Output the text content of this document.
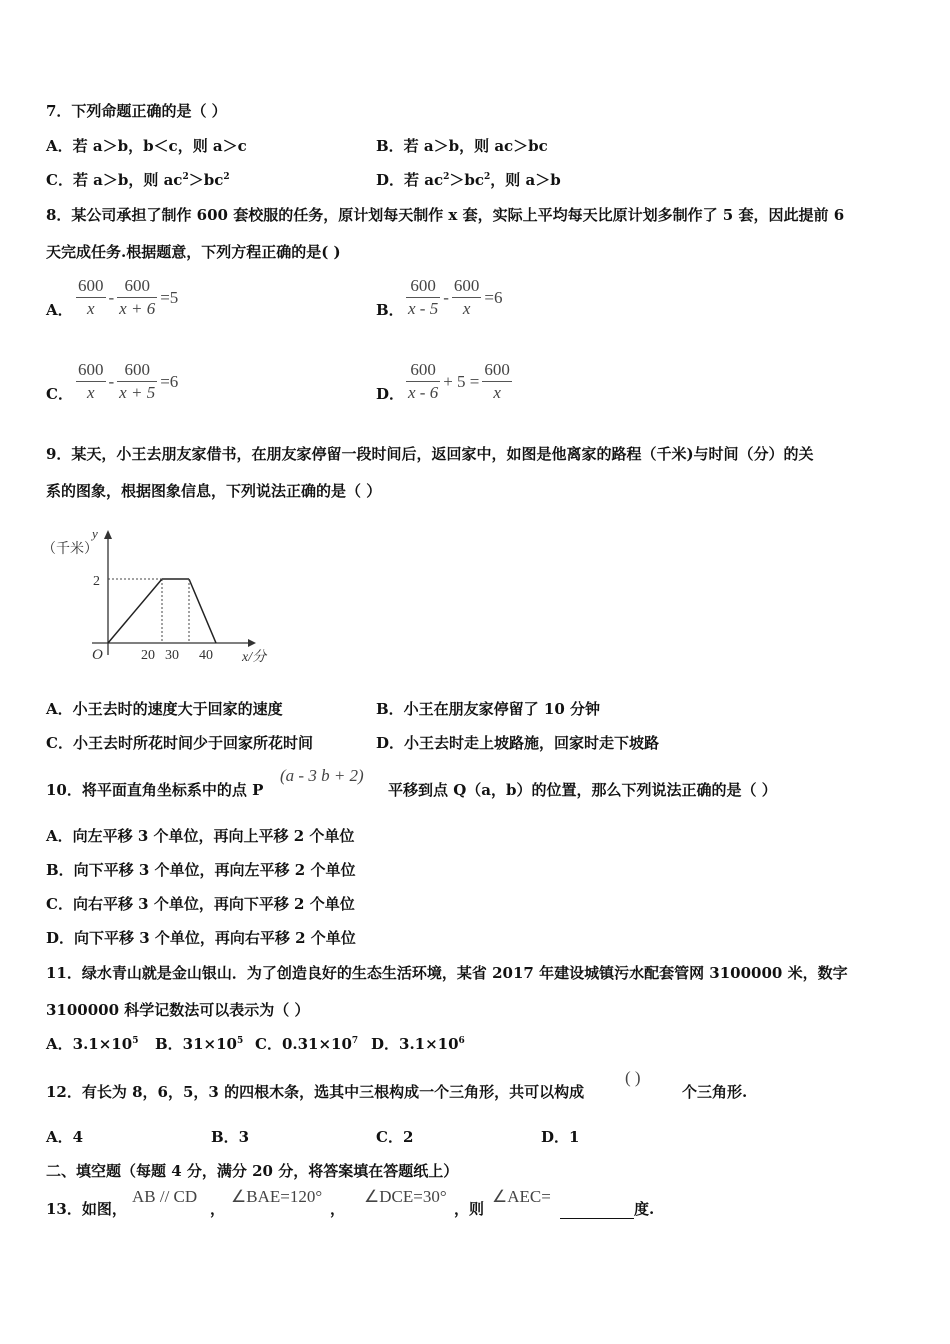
7．下列命题正确的是（ ）
A．若 a＞b，b＜c，则 a＞c	B．若 a＞b，则 ac＞bc
C．若 a＞b，则 $ac^2>bc^2$	D．若 $ac^2>bc^2$，则 a＞b
8．某公司承担了制作 600 套校服的任务，原计划每天制作 x 套，实际上平均每天比原计划多制作了 5 套，因此提前 6
天完成任务.根据题意，下列方程正确的是( )
A． $\frac{600}{x} - \frac{600}{x + 6} =5$
B． $\frac{600}{x - 5} - \frac{600}{x} =6$
C． $\frac{600}{x} - \frac{600}{x + 5} =6$
D． $\frac{600}{x - 6} + 5 = \frac{600}{x}$
9．某天，小王去朋友家借书，在朋友家停留一段时间后，返回家中，如图是他离家的路程（千米)与时间（分）的关
系的图象，根据图象信息，下列说法正确的是（ ）
y
（千米）
2
O	20 30 40 x/分
A．小王去时的速度大于回家的速度	B．小王在朋友家停留了 10 分钟
C．小王去时所花时间少于回家所花时间	D．小王去时走上坡路施，回家时走下坡路
10．将平面直角坐标系中的点 P
(a - 3 b + 2)
平移到点 Q（a，b）的位置，那么下列说法正确的是（ ）
A．向左平移 3 个单位，再向上平移 2 个单位
B．向下平移 3 个单位，再向左平移 2 个单位
C．向右平移 3 个单位，再向下平移 2 个单位
D．向下平移 3 个单位，再向右平移 2 个单位
11．绿水青山就是金山银山．为了创造良好的生态生活环境，某省 2017 年建设城镇污水配套管网 3100000 米，数字
3100000 科学记数法可以表示为（ ）
A．$3.1\times 10^5$ B．$31\times 10^5$ C．$0.31\times 10^7$ D．$3.1\times 10^6$
12．有长为 8，6，5，3 的四根木条，选其中三根构成一个三角形，共可以构成
( )
个三角形.
A．4	B．3	C．2	D．1
二、填空题（每题 4 分，满分 20 分，将答案填在答题纸上）
13．如图，
AB // CD
，
∠BAE=120°
，
∠DCE=30°
，则
∠AEC=
度.
